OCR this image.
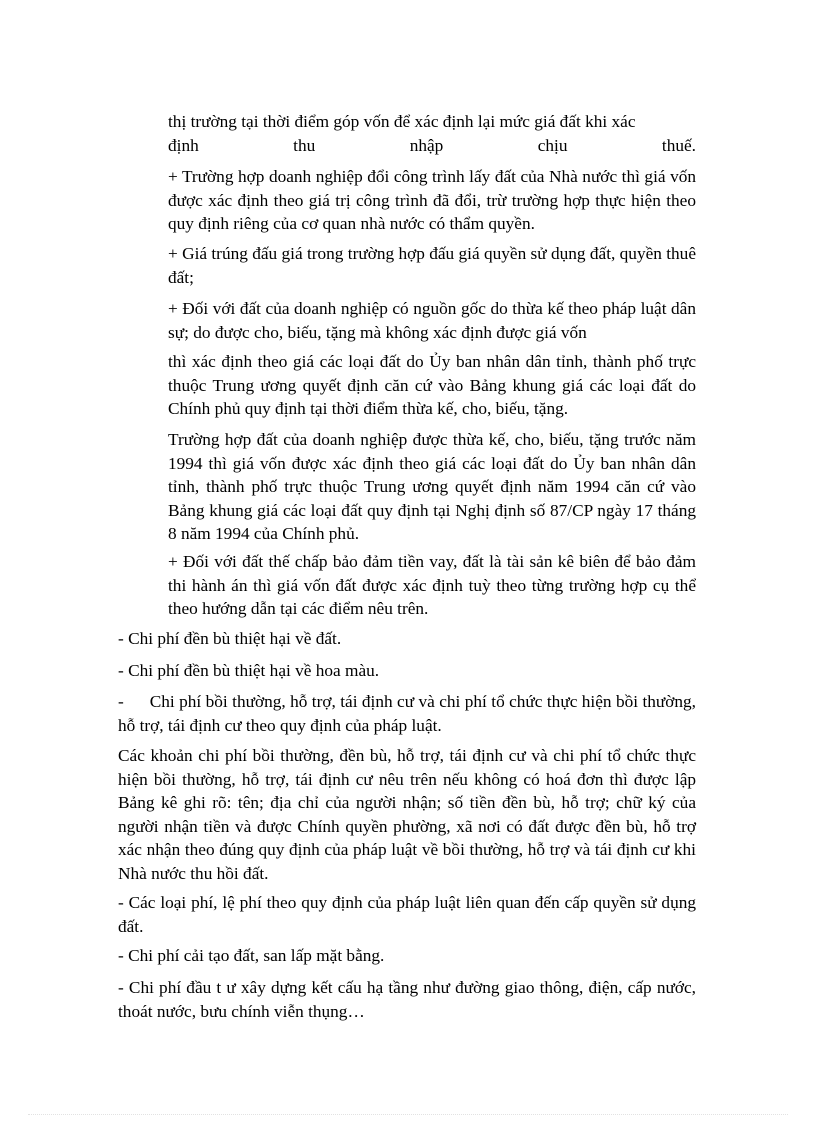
thị trường tại thời điểm góp vốn để xác định lại mức giá đất khi xác

định thu nhập chịu thuế.

+ Trường hợp doanh nghiệp đổi công trình lấy đất của Nhà nước thì giá vốn được xác định theo giá trị công trình đã đổi, trừ trường hợp thực hiện theo quy định riêng của cơ quan nhà nước có thẩm quyền.

+ Giá trúng đấu giá trong trường hợp đấu giá quyền sử dụng đất, quyền thuê đất;

+ Đối với đất của doanh nghiệp có nguồn gốc do thừa kế theo pháp luật dân sự; do được cho, biếu, tặng mà không xác định được giá vốn

thì xác định theo giá các loại đất do Ủy ban nhân dân tỉnh, thành phố trực thuộc Trung ương quyết định căn cứ vào Bảng khung giá các loại đất do Chính phủ quy định tại thời điểm thừa kế, cho, biếu, tặng.

Trường hợp đất của doanh nghiệp được thừa kế, cho, biếu, tặng trước năm 1994 thì giá vốn được xác định theo giá các loại đất do Ủy ban nhân dân tỉnh, thành phố trực thuộc Trung ương quyết định năm 1994 căn cứ vào Bảng khung giá các loại đất quy định tại Nghị định số 87/CP ngày 17 tháng 8 năm 1994 của Chính phủ.

+ Đối với đất thế chấp bảo đảm tiền vay, đất là tài sản kê biên để bảo đảm thi hành án thì giá vốn đất được xác định tuỳ theo từng trường hợp cụ thể theo hướng dẫn tại các điểm nêu trên.

- Chi phí đền bù thiệt hại về đất.

- Chi phí đền bù thiệt hại về hoa màu.

- Chi phí bồi thường, hỗ trợ, tái định cư và chi phí tổ chức thực hiện bồi thường, hỗ trợ, tái định cư theo quy định của pháp luật.

Các khoản chi phí bồi thường, đền bù, hỗ trợ, tái định cư và chi phí tổ chức thực hiện bồi thường, hỗ trợ, tái định cư nêu trên nếu không có hoá đơn thì được lập Bảng kê ghi rõ: tên; địa chỉ của người nhận; số tiền đền bù, hỗ trợ; chữ ký của người nhận tiền và được Chính quyền phường, xã nơi có đất được đền bù, hỗ trợ xác nhận theo đúng quy định của pháp luật về bồi thường, hỗ trợ và tái định cư khi Nhà nước thu hồi đất.

- Các loại phí, lệ phí theo quy định của pháp luật liên quan đến cấp quyền sử dụng đất.

- Chi phí cải tạo đất, san lấp mặt bằng.

- Chi phí đầu t ư xây dựng kết cấu hạ tầng như đường giao thông, điện, cấp nước, thoát nước, bưu chính viễn thụng…
